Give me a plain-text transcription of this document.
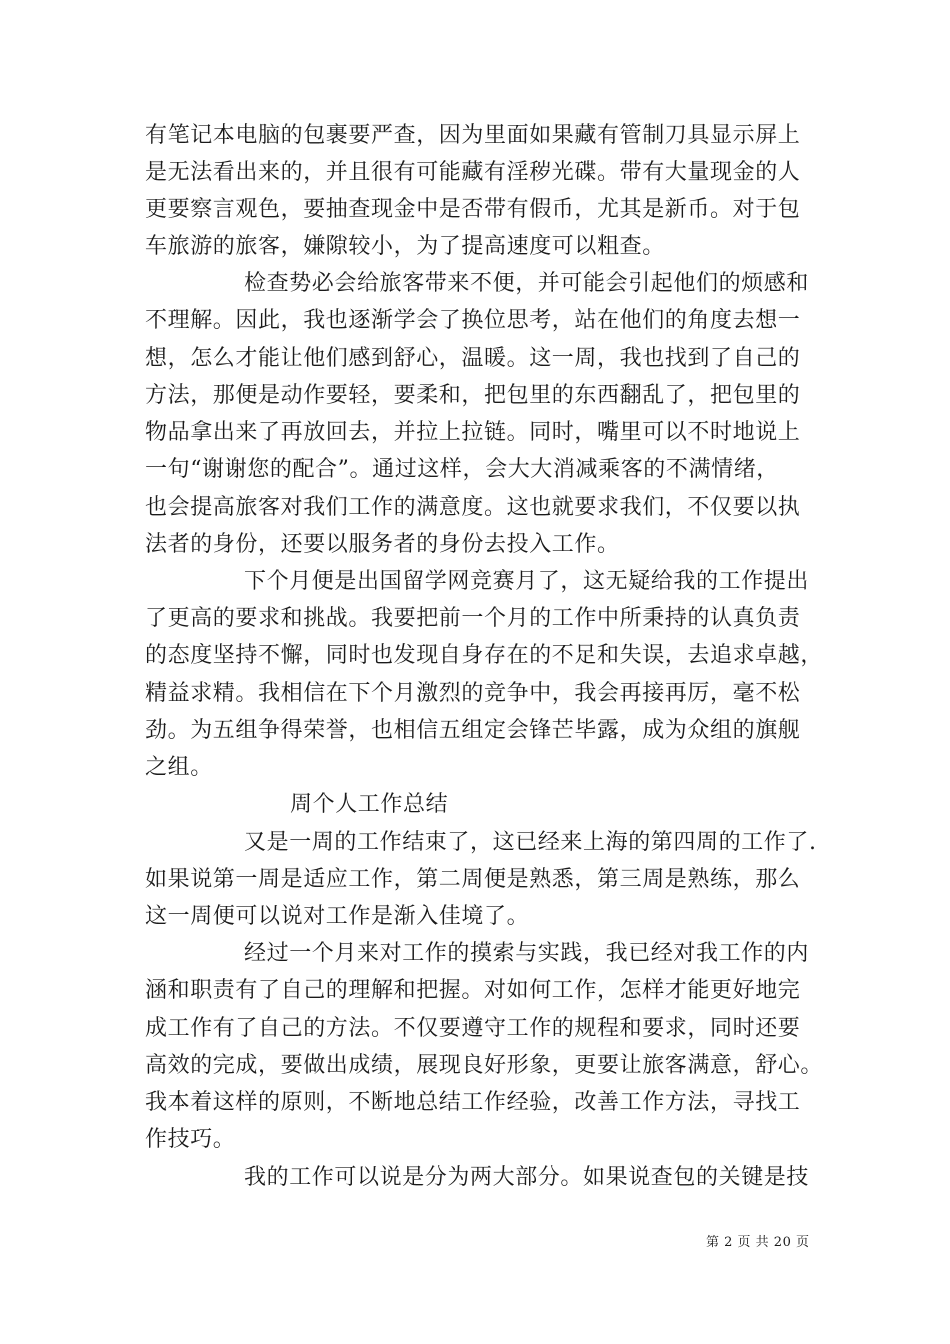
有笔记本电脑的包裹要严查，因为里面如果藏有管制刀具显示屏上
是无法看出来的，并且很有可能藏有淫秽光碟。带有大量现金的人
更要察言观色，要抽查现金中是否带有假币，尤其是新币。对于包
车旅游的旅客，嫌隙较小，为了提高速度可以粗查。
检查势必会给旅客带来不便，并可能会引起他们的烦感和
不理解。因此，我也逐渐学会了换位思考，站在他们的角度去想一
想，怎么才能让他们感到舒心，温暖。这一周，我也找到了自己的
方法，那便是动作要轻，要柔和，把包里的东西翻乱了，把包里的
物品拿出来了再放回去，并拉上拉链。同时，嘴里可以不时地说上
一句“谢谢您的配合”。通过这样，会大大消减乘客的不满情绪，
也会提高旅客对我们工作的满意度。这也就要求我们，不仅要以执
法者的身份，还要以服务者的身份去投入工作。
下个月便是出国留学网竞赛月了，这无疑给我的工作提出
了更高的要求和挑战。我要把前一个月的工作中所秉持的认真负责
的态度坚持不懈，同时也发现自身存在的不足和失误，去追求卓越，
精益求精。我相信在下个月激烈的竞争中，我会再接再厉，毫不松
劲。为五组争得荣誉，也相信五组定会锋芒毕露，成为众组的旗舰
之组。
周个人工作总结
又是一周的工作结束了，这已经来上海的第四周的工作了.
如果说第一周是适应工作，第二周便是熟悉，第三周是熟练，那么
这一周便可以说对工作是渐入佳境了。
经过一个月来对工作的摸索与实践，我已经对我工作的内
涵和职责有了自己的理解和把握。对如何工作，怎样才能更好地完
成工作有了自己的方法。不仅要遵守工作的规程和要求，同时还要
高效的完成，要做出成绩，展现良好形象，更要让旅客满意，舒心。
我本着这样的原则，不断地总结工作经验，改善工作方法，寻找工
作技巧。
我的工作可以说是分为两大部分。如果说查包的关键是技
第 2 页 共 20 页
